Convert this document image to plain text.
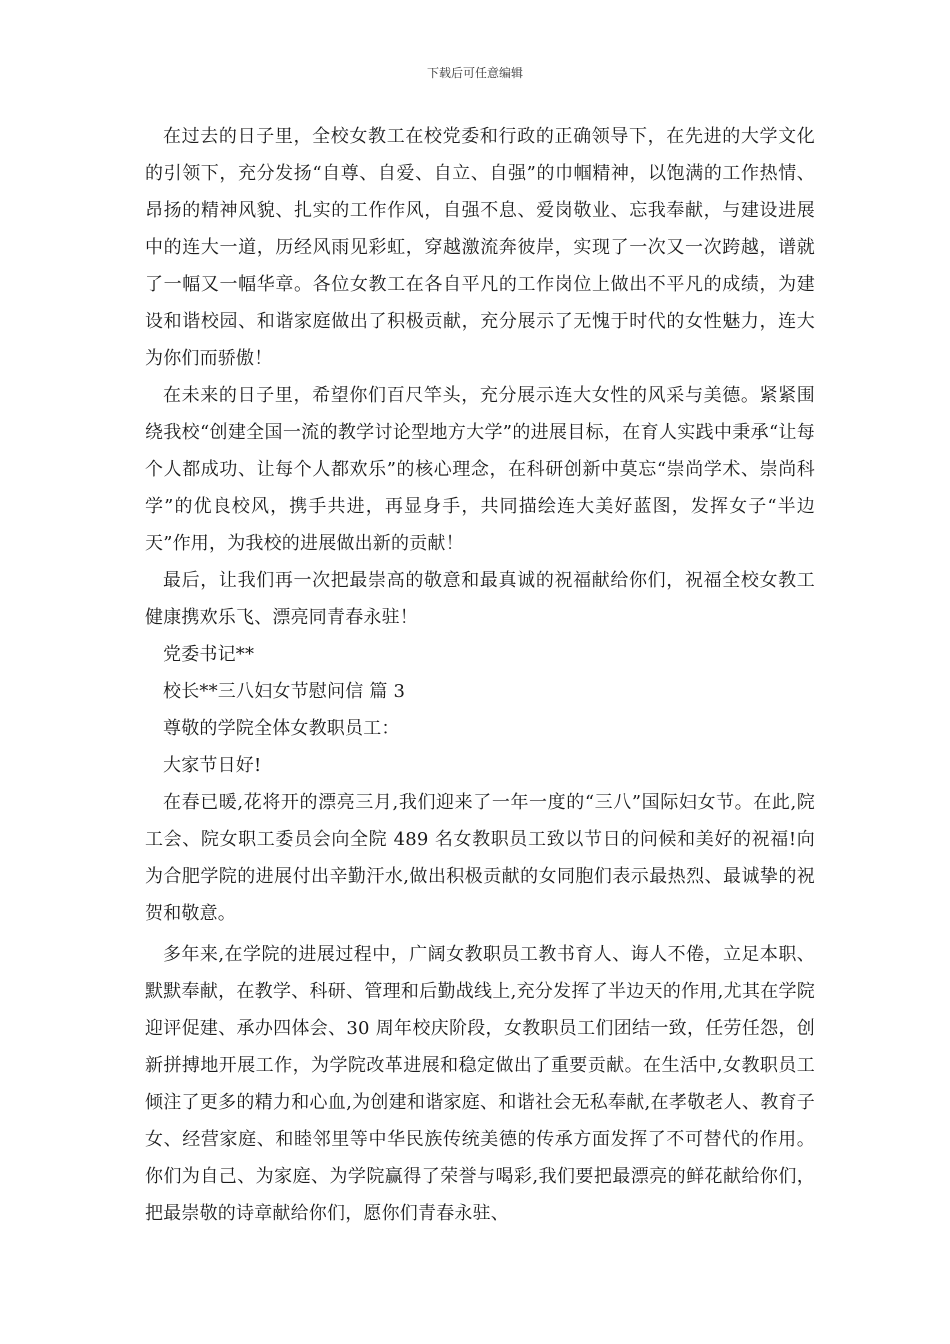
下载后可任意编辑

在过去的日子里，全校女教工在校党委和行政的正确领导下，在先进的大学文化的引领下，充分发扬“自尊、自爱、自立、自强”的巾帼精神，以饱满的工作热情、昂扬的精神风貌、扎实的工作作风，自强不息、爱岗敬业、忘我奉献，与建设进展中的连大一道，历经风雨见彩虹，穿越激流奔彼岸，实现了一次又一次跨越，谱就了一幅又一幅华章。各位女教工在各自平凡的工作岗位上做出不平凡的成绩，为建设和谐校园、和谐家庭做出了积极贡献，充分展示了无愧于时代的女性魅力，连大为你们而骄傲！

在未来的日子里，希望你们百尺竿头，充分展示连大女性的风采与美德。紧紧围绕我校“创建全国一流的教学讨论型地方大学”的进展目标，在育人实践中秉承“让每个人都成功、让每个人都欢乐”的核心理念，在科研创新中莫忘“崇尚学术、崇尚科学”的优良校风，携手共进，再显身手，共同描绘连大美好蓝图，发挥女子“半边天”作用，为我校的进展做出新的贡献！

最后，让我们再一次把最崇高的敬意和最真诚的祝福献给你们，祝福全校女教工健康携欢乐飞、漂亮同青春永驻！

党委书记**

校长**三八妇女节慰问信 篇 3

尊敬的学院全体女教职员工：

大家节日好!

在春已暖,花将开的漂亮三月,我们迎来了一年一度的“三八”国际妇女节。在此,院工会、院女职工委员会向全院 489 名女教职员工致以节日的问候和美好的祝福!向为合肥学院的进展付出辛勤汗水,做出积极贡献的女同胞们表示最热烈、最诚挚的祝贺和敬意。

多年来,在学院的进展过程中，广阔女教职员工教书育人、诲人不倦，立足本职、默默奉献，在教学、科研、管理和后勤战线上,充分发挥了半边天的作用,尤其在学院迎评促建、承办四体会、30 周年校庆阶段，女教职员工们团结一致，任劳任怨，创新拼搏地开展工作，为学院改革进展和稳定做出了重要贡献。在生活中,女教职员工倾注了更多的精力和心血,为创建和谐家庭、和谐社会无私奉献,在孝敬老人、教育子女、经营家庭、和睦邻里等中华民族传统美德的传承方面发挥了不可替代的作用。你们为自己、为家庭、为学院赢得了荣誉与喝彩,我们要把最漂亮的鲜花献给你们，把最崇敬的诗章献给你们，愿你们青春永驻、
